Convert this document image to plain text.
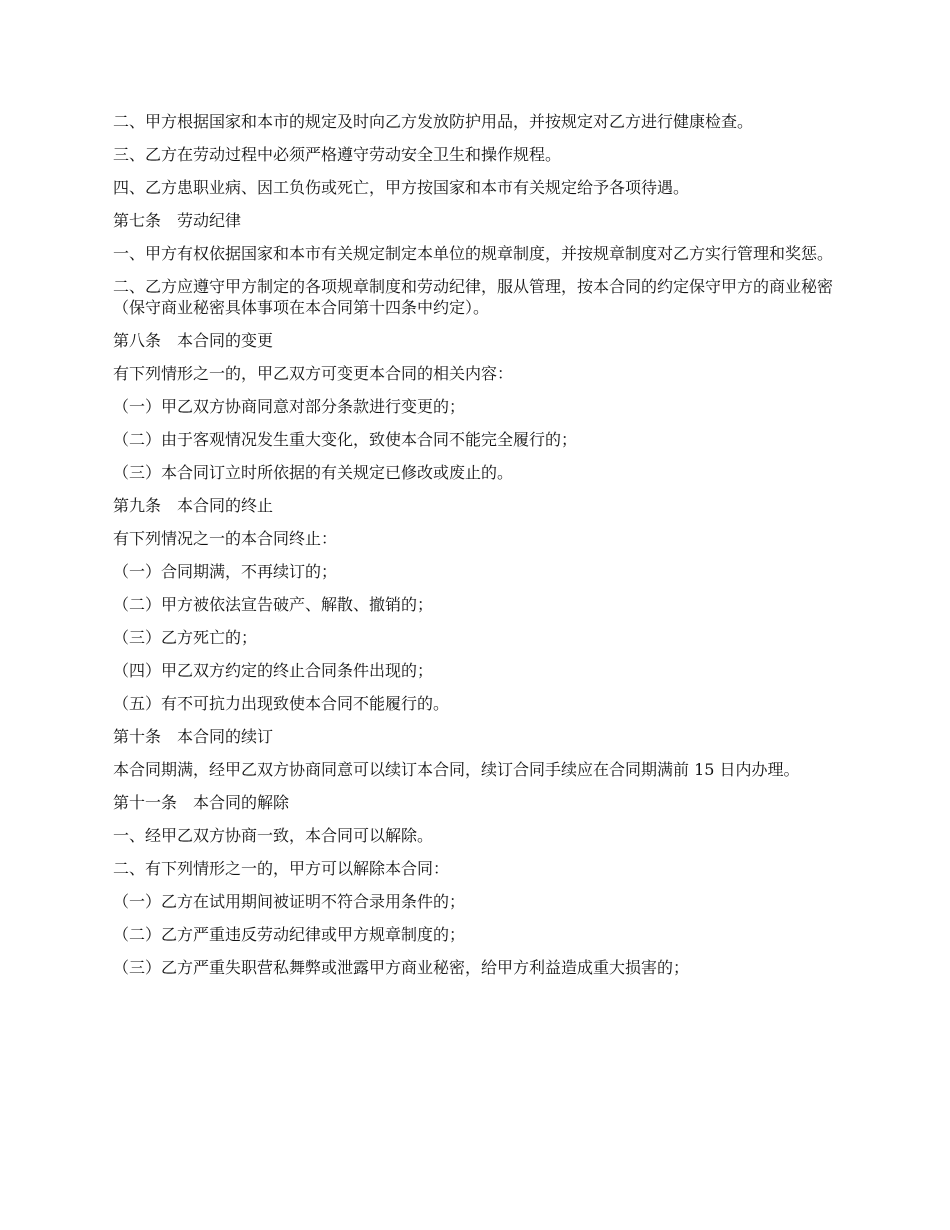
二、甲方根据国家和本市的规定及时向乙方发放防护用品，并按规定对乙方进行健康检查。

三、乙方在劳动过程中必须严格遵守劳动安全卫生和操作规程。

四、乙方患职业病、因工负伤或死亡，甲方按国家和本市有关规定给予各项待遇。

第七条　劳动纪律

一、甲方有权依据国家和本市有关规定制定本单位的规章制度，并按规章制度对乙方实行管理和奖惩。

二、乙方应遵守甲方制定的各项规章制度和劳动纪律，服从管理，按本合同的约定保守甲方的商业秘密（保守商业秘密具体事项在本合同第十四条中约定）。

第八条　本合同的变更

有下列情形之一的，甲乙双方可变更本合同的相关内容：

（一）甲乙双方协商同意对部分条款进行变更的；

（二）由于客观情况发生重大变化，致使本合同不能完全履行的；

（三）本合同订立时所依据的有关规定已修改或废止的。

第九条　本合同的终止

有下列情况之一的本合同终止：

（一）合同期满，不再续订的；

（二）甲方被依法宣告破产、解散、撤销的；

（三）乙方死亡的；

（四）甲乙双方约定的终止合同条件出现的；

（五）有不可抗力出现致使本合同不能履行的。

第十条　本合同的续订

本合同期满，经甲乙双方协商同意可以续订本合同，续订合同手续应在合同期满前 15 日内办理。

第十一条　本合同的解除

一、经甲乙双方协商一致，本合同可以解除。

二、有下列情形之一的，甲方可以解除本合同：

（一）乙方在试用期间被证明不符合录用条件的；

（二）乙方严重违反劳动纪律或甲方规章制度的；

（三）乙方严重失职营私舞弊或泄露甲方商业秘密，给甲方利益造成重大损害的；
